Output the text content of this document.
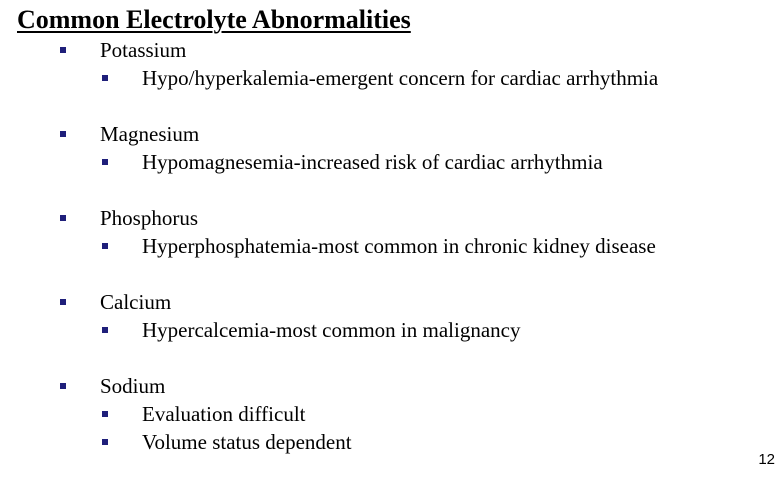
Common Electrolyte Abnormalities
Potassium
Hypo/hyperkalemia-emergent concern for cardiac arrhythmia
Magnesium
Hypomagnesemia-increased risk of cardiac arrhythmia
Phosphorus
Hyperphosphatemia-most common in chronic kidney disease
Calcium
Hypercalcemia-most common in malignancy
Sodium
Evaluation difficult
Volume status dependent
12
